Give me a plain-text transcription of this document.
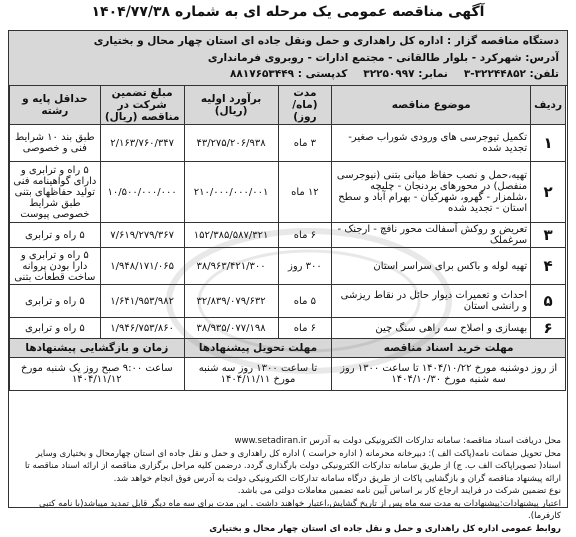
آگهی مناقصه عمومی یک مرحله ای به شماره ۱۴۰۴/۷۷/۳۸
دستگاه مناقصه گزار : اداره کل راهداری و حمل ونقل جاده ای استان چهار محال و بختیاری
آدرس: شهرکرد - بلوار طالقانی - مجتمع ادارات - روبروی فرمانداری
تلفن: ۳۲۲۴۴۸۵۲-۳
نمابر: ۳۲۲۵۰۹۹۷
کدپستی : ۸۸۱۷۶۵۳۴۴۹
ردیف	موضوع مناقصه	مدت (ماه/ روز)	برآورد اولیه (ریال)	مبلغ تضمین شرکت در مناقصه (ریال)	حداقل پایه و رشته
۱	تکمیل تیوجرسی های ورودی شوراب صغیر- تجدید شده	۳ ماه	۴۳/۲۷۵/۲۰۶/۹۳۸	۲/۱۶۳/۷۶۰/۳۴۷	طبق بند ۱۰ شرایط فنی و خصوصی
۲	تهیه،حمل و نصب حفاظ میانی بتنی (نیوجرسی منفصل) در محورهای بردنجان - چلیچه ،شلمزار - گهرو، شهرکیان - بهرام آباد و سطح استان - تجدید شده	۱۲ ماه	۲۱۰/۰۰۰/۰۰۰/۰۰۱	۱۰/۵۰۰/۰۰۰/۰۰۰	۵ راه و ترابری و دارای گواهینامه فنی تولید حفاظهای بتنی طبق شرایط خصوصی پیوست
۳	تعریض و روکش آسفالت محور نافچ - ارجنک - سرغملک	۶ ماه	۱۵۲/۳۸۵/۵۸۷/۳۲۱	۷/۶۱۹/۲۷۹/۳۶۷	۵ راه و ترابری
۴	تهیه لوله و باکس برای سراسر استان	۳۰۰ روز	۳۸/۹۶۳/۴۲۱/۳۰۰	۱/۹۴۸/۱۷۱/۰۶۵	۵ راه و ترابری و دارا بودن پروانه ساخت قطعات بتنی
۵	احداث و تعمیرات دیوار حائل در نقاط ریزشی و رانشی استان	۵ ماه	۳۲/۸۳۹/۰۷۹/۶۳۲	۱/۶۴۱/۹۵۳/۹۸۲	۵ راه و ترابری
۶	بهسازی و اصلاح سه راهی سنگ چین	۶ ماه	۳۸/۹۳۵/۰۷۷/۱۹۸	۱/۹۴۶/۷۵۳/۸۶۰	۵ راه و ترابری
مهلت خرید اسناد مناقصه		مهلت تحویل پیشنهادها		زمان و بازگشایی پیشنهادها	
از روز دوشنبه مورخ ۱۴۰۴/۱۰/۲۲ تا ساعت ۱۳۰۰ روز سه شنبه مورخ ۱۴۰۴/۱۰/۳۰		تا ساعت ۱۳۰۰ روز سه شنبه مورخ ۱۴۰۴/۱۱/۱۱		ساعت ۹:۰۰ صبح روز یک شنبه مورخ ۱۴۰۴/۱۱/۱۲	
محل دریافت اسناد مناقصه: سامانه تدارکات الکترونیکی دولت به آدرس www.setadiran.ir
محل تحویل ضمانت نامه(پاکت الف ): دبیرخانه محرمانه ( اداره حراست ) اداره کل راهداری و حمل و نقل جاده ای استان چهارمحال و بختیاری وسایر اسناد( تصویراپاکت الف ب. ج) از طریق سامانه تدارکات الکترونیکی دولت بارگذاری گردد. درضمن کلیه مراحل برگزاری مناقصه از ارائه اسناد مناقصه تا ارائه پیشنهاد مناقصه گران و بازگشایی پاکات از طریق درگاه سامانه تدارکات الکترونیکی دولت به آدرس فوق انجام خواهد شد.
نوع تضمین شرکت در فرایند ارجاع کار بر اساس آیین نامه تضمین معاملات دولتی می باشد.
اعتبار پیشنهادات:پیشنهادات به مدت سه ماه پس از تاریخ گشایش،اعتبار خواهند داشت . این مدت برای سه ماه دیگر قابل تمدید میباشد(با نامه کتبی کارفرما).
روابط عمومی اداره کل راهداری و حمل و نقل جاده ای استان چهار محال و بختیاری
